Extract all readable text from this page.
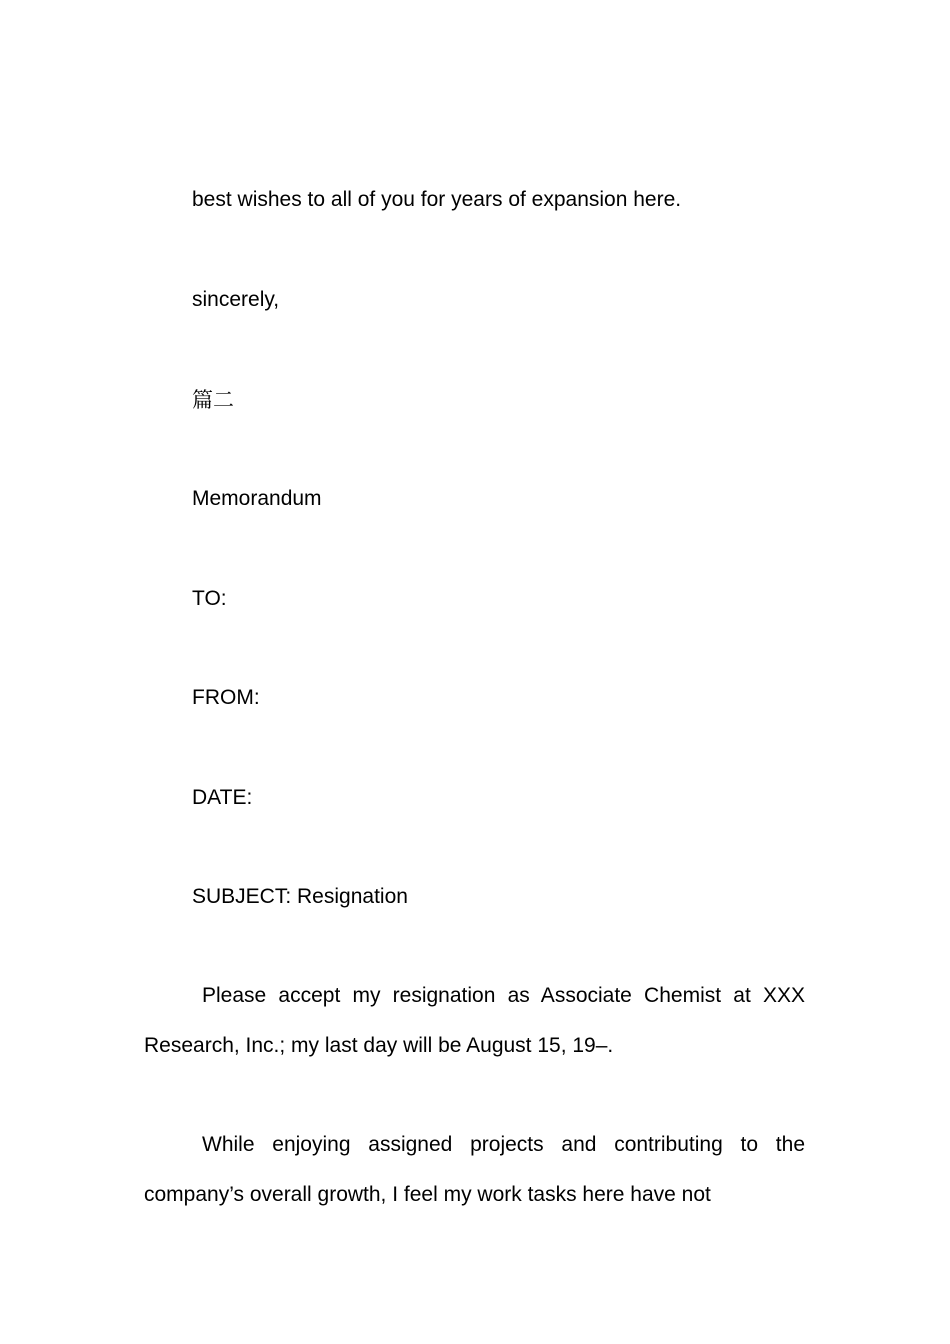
best wishes to all of you for years of expansion here.

sincerely,

篇二

Memorandum

TO:

FROM:

DATE:

SUBJECT: Resignation

Please accept my resignation as Associate Chemist at XXX Research, Inc.; my last day will be August 15, 19–.

While enjoying assigned projects and contributing to the company’s overall growth, I feel my work tasks here have not
